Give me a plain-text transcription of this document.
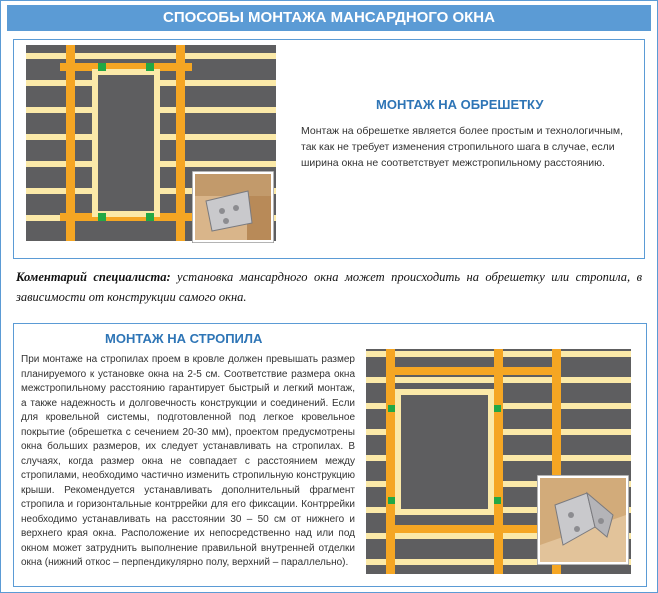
СПОСОБЫ МОНТАЖА МАНСАРДНОГО ОКНА
МОНТАЖ НА ОБРЕШЕТКУ
Монтаж на обрешетке является более простым и технологичным, так как не требует изменения стропильного шага в случае, если ширина окна не соответствует межстропильному расстоянию.
Коментарий специалиста: установка мансардного окна может происходить на обрешетку или стропила, в зависимости от конструкции самого окна.
МОНТАЖ НА СТРОПИЛА
При монтаже на стропилах проем в кровле должен превышать размер планируемого к установке окна на 2-5 см. Соответствие размера окна межстропильному расстоянию гарантирует быстрый и легкий монтаж, а также надежность и долговечность конструкции и соединений. Если для кровельной системы, подготовленной под легкое кровельное покрытие (обрешетка с сечением 20-30 мм), проектом предусмотрены окна больших размеров, их следует устанавливать на стропилах. В случаях, когда размер окна не совпадает с расстоянием между стропилами, необходимо частично изменить стропильную конструкцию крыши. Рекомендуется устанавливать дополнительный фрагмент стропила и горизонтальные контррейки для его фиксации. Контррейки необходимо устанавливать на расстоянии 30 – 50 см от нижнего и верхнего края окна. Расположение их непосредственно над или под окном может затруднить выполнение правильной внутренней отделки окна (нижний откос – перпендикулярно полу, верхний – параллельно).
